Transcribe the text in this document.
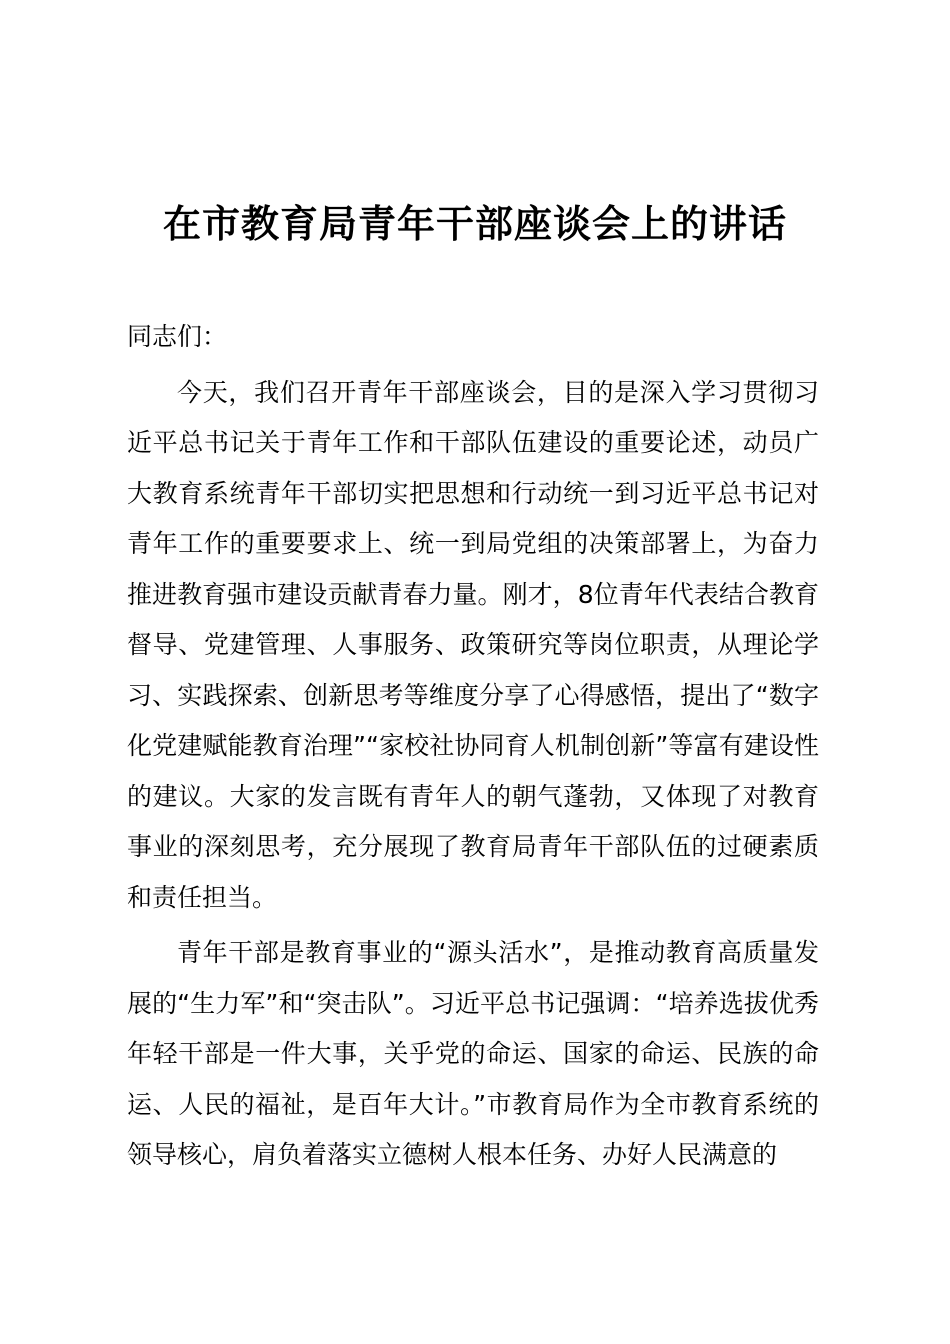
在市教育局青年干部座谈会上的讲话

同志们：

今天，我们召开青年干部座谈会，目的是深入学习贯彻习近平总书记关于青年工作和干部队伍建设的重要论述，动员广大教育系统青年干部切实把思想和行动统一到习近平总书记对青年工作的重要要求上、统一到局党组的决策部署上，为奋力推进教育强市建设贡献青春力量。刚才，8位青年代表结合教育督导、党建管理、人事服务、政策研究等岗位职责，从理论学习、实践探索、创新思考等维度分享了心得感悟，提出了“数字化党建赋能教育治理”“家校社协同育人机制创新”等富有建设性的建议。大家的发言既有青年人的朝气蓬勃，又体现了对教育事业的深刻思考，充分展现了教育局青年干部队伍的过硬素质和责任担当。

青年干部是教育事业的“源头活水”，是推动教育高质量发展的“生力军”和“突击队”。习近平总书记强调：“培养选拔优秀年轻干部是一件大事，关乎党的命运、国家的命运、民族的命运、人民的福祉，是百年大计。”市教育局作为全市教育系统的领导核心，肩负着落实立德树人根本任务、办好人民满意的
